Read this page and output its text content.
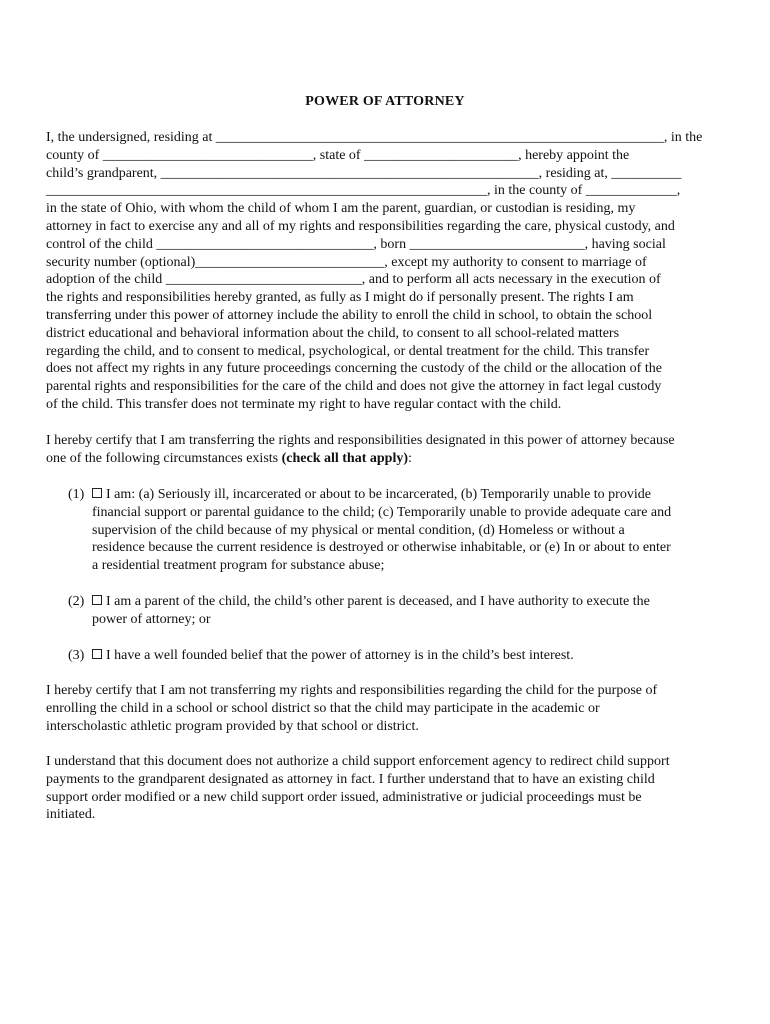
POWER OF ATTORNEY
I, the undersigned, residing at ________________________________________________________________, in the
county of ______________________________, state of ______________________, hereby appoint the
child’s grandparent, ______________________________________________________, residing at, __________
_______________________________________________________________, in the county of _____________,
in the state of Ohio, with whom the child of whom I am the parent, guardian, or custodian is residing, my
attorney in fact to exercise any and all of my rights and responsibilities regarding the care, physical custody, and
control of the child _______________________________, born _________________________, having social
security number (optional)___________________________, except my authority to consent to marriage of
adoption of the child ____________________________, and to perform all acts necessary in the execution of
the rights and responsibilities hereby granted, as fully as I might do if personally present. The rights I am
transferring under this power of attorney include the ability to enroll the child in school, to obtain the school
district educational and behavioral information about the child, to consent to all school-related matters
regarding the child, and to consent to medical, psychological, or dental treatment for the child. This transfer
does not affect my rights in any future proceedings concerning the custody of the child or the allocation of the
parental rights and responsibilities for the care of the child and does not give the attorney in fact legal custody
of the child. This transfer does not terminate my right to have regular contact with the child.
I hereby certify that I am transferring the rights and responsibilities designated in this power of attorney because
one of the following circumstances exists (check all that apply):
(1)	I am: (a) Seriously ill, incarcerated or about to be incarcerated, (b) Temporarily unable to provide
financial support or parental guidance to the child; (c) Temporarily unable to provide adequate care and
supervision of the child because of my physical or mental condition, (d) Homeless or without a
residence because the current residence is destroyed or otherwise inhabitable, or (e) In or about to enter
a residential treatment program for substance abuse;
(2)	I am a parent of the child, the child’s other parent is deceased, and I have authority to execute the
power of attorney; or
(3)	I have a well founded belief that the power of attorney is in the child’s best interest.
I hereby certify that I am not transferring my rights and responsibilities regarding the child for the purpose of
enrolling the child in a school or school district so that the child may participate in the academic or
interscholastic athletic program provided by that school or district.
I understand that this document does not authorize a child support enforcement agency to redirect child support
payments to the grandparent designated as attorney in fact. I further understand that to have an existing child
support order modified or a new child support order issued, administrative or judicial proceedings must be
initiated.
